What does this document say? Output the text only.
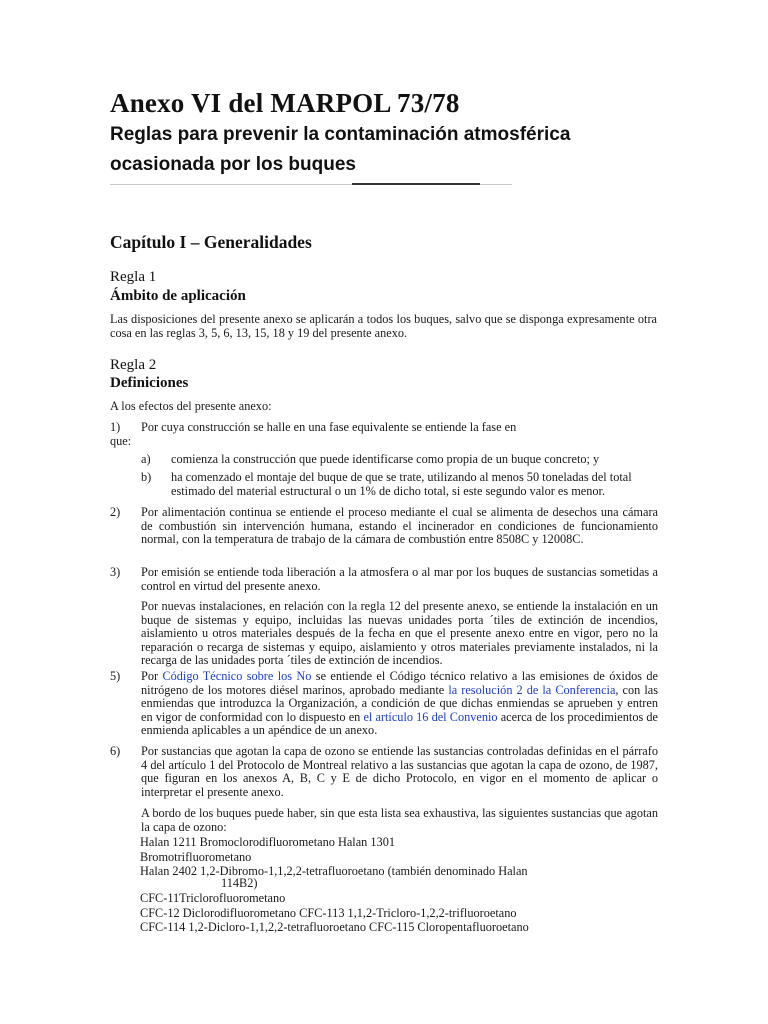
Anexo VI del MARPOL 73/78
Reglas para prevenir la contaminación atmosférica
ocasionada por los buques
Capítulo I – Generalidades
Regla 1
Ámbito de aplicación
Las disposiciones del presente anexo se aplicarán a todos los buques, salvo que se disponga expresamente otra cosa en las reglas 3, 5, 6, 13, 15, 18 y 19 del presente anexo.
Regla 2
Definiciones
A los efectos del presente anexo:
1) Por cuya construcción se halle en una fase equivalente se entiende la fase en
que:
a) comienza la construcción que puede identificarse como propia de un buque concreto; y
b) ha comenzado el montaje del buque de que se trate, utilizando al menos 50 toneladas del total estimado del material estructural o un 1% de dicho total, si este segundo valor es menor.
2) Por alimentación continua se entiende el proceso mediante el cual se alimenta de desechos una cámara de combustión sin intervención humana, estando el incinerador en condiciones de funcionamiento normal, con la temperatura de trabajo de la cámara de combustión entre 8508C y 12008C.
3) Por emisión se entiende toda liberación a la atmosfera o al mar por los buques de sustancias sometidas a control en virtud del presente anexo.
Por nuevas instalaciones, en relación con la regla 12 del presente anexo, se entiende la instalación en un buque de sistemas y equipo, incluidas las nuevas unidades porta ´tiles de extinción de incendios, aislamiento u otros materiales después de la fecha en que el presente anexo entre en vigor, pero no la reparación o recarga de sistemas y equipo, aislamiento y otros materiales previamente instalados, ni la recarga de las unidades porta ´tiles de extinción de incendios.
5) Por Código Técnico sobre los No se entiende el Código técnico relativo a las emisiones de óxidos de nitrógeno de los motores diésel marinos, aprobado mediante la resolución 2 de la Conferencia, con las enmiendas que introduzca la Organización, a condición de que dichas enmiendas se aprueben y entren en vigor de conformidad con lo dispuesto en el artículo 16 del Convenio acerca de los procedimientos de enmienda aplicables a un apéndice de un anexo.
6) Por sustancias que agotan la capa de ozono se entiende las sustancias controladas definidas en el párrafo 4 del artículo 1 del Protocolo de Montreal relativo a las sustancias que agotan la capa de ozono, de 1987, que figuran en los anexos A, B, C y E de dicho Protocolo, en vigor en el momento de aplicar o interpretar el presente anexo.
A bordo de los buques puede haber, sin que esta lista sea exhaustiva, las siguientes sustancias que agotan la capa de ozono:
Halan 1211 Bromoclorodifluorometano Halan 1301
Bromotrifluorometano
Halan 2402 1,2-Dibromo-1,1,2,2-tetrafluoroetano (también denominado Halan
114B2)
CFC-11Triclorofluorometano
CFC-12 Diclorodifluorometano CFC-113 1,1,2-Tricloro-1,2,2-trifluoroetano
CFC-114 1,2-Dicloro-1,1,2,2-tetrafluoroetano CFC-115 Cloropentafluoroetano
